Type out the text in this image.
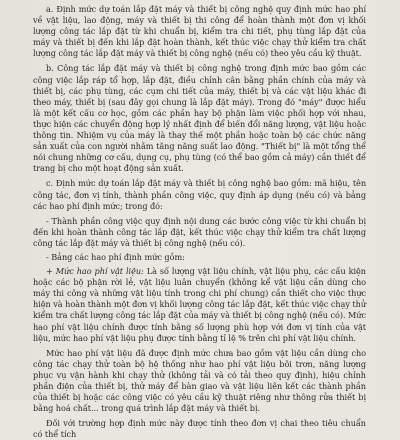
a. Định mức dự toán lắp đặt máy và thiết bị công nghệ quy định mức hao phí về vật liệu, lao động, máy và thiết bị thi công để hoàn thành một đơn vị khối lượng công tác lắp đặt từ khi chuẩn bị, kiểm tra chi tiết, phụ tùng lắp đặt của máy và thiết bị đến khi lắp đặt hoàn thành, kết thúc việc chạy thử kiểm tra chất lượng công tác lắp đặt máy và thiết bị công nghệ (nếu có) theo yêu cầu kỹ thuật.

b. Công tác lắp đặt máy và thiết bị công nghệ trong định mức bao gồm các công việc lắp ráp tổ hợp, lắp đặt, điều chỉnh cân bằng phần chính của máy và thiết bị, các phụ tùng, các cụm chi tiết của máy, thiết bị và các vật liệu khác đi theo máy, thiết bị (sau đây gọi chung là lắp đặt máy). Trong đó "máy" được hiểu là một kết cấu cơ học, gồm các phần hay bộ phận làm việc phối hợp với nhau, thực hiện các chuyển động hợp lý nhất định để biến đổi năng lượng, vật liệu hoặc thông tin. Nhiệm vụ của máy là thay thế một phần hoặc toàn bộ các chức năng sản xuất của con người nhằm tăng năng suất lao động. "Thiết bị" là một tổng thể nói chung những cơ cấu, dụng cụ, phụ tùng (có thể bao gồm cả máy) cần thiết để trang bị cho một hoạt động sản xuất.

c. Định mức dự toán lắp đặt máy và thiết bị công nghệ bao gồm: mã hiệu, tên công tác, đơn vị tính, thành phần công việc, quy định áp dụng (nếu có) và bảng các hao phí định mức; trong đó:

- Thành phần công việc quy định nội dung các bước công việc từ khi chuẩn bị đến khi hoàn thành công tác lắp đặt, kết thúc việc chạy thử kiểm tra chất lượng công tác lắp đặt máy và thiết bị công nghệ (nếu có).

- Bảng các hao phí định mức gồm:

+ Mức hao phí vật liệu: Là số lượng vật liệu chính, vật liệu phụ, các cấu kiện hoặc các bộ phận rời lẻ, vật liệu luân chuyển (không kể vật liệu cần dùng cho máy thi công và những vật liệu tính trong chi phí chung) cần thiết cho việc thực hiện và hoàn thành một đơn vị khối lượng công tác lắp đặt, kết thúc việc chạy thử kiểm tra chất lượng công tác lắp đặt của máy và thiết bị công nghệ (nếu có). Mức hao phí vật liệu chính được tính bằng số lượng phù hợp với đơn vị tính của vật liệu, mức hao phí vật liệu phụ được tính bằng tỉ lệ % trên chi phí vật liệu chính.

Mức hao phí vật liệu đã được định mức chưa bao gồm vật liệu cần dùng cho công tác chạy thử toàn bộ hệ thống như hao phí vật liệu bôi trơn, năng lượng phục vụ vận hành khi chạy thử (không tải và có tải theo quy định), hiệu chỉnh phần điện của thiết bị, thử máy để bàn giao và vật liệu liên kết các thành phần của thiết bị hoặc các công việc có yêu cầu kỹ thuật riêng như thông rửa thiết bị bằng hoá chất... trong quá trình lắp đặt máy và thiết bị.

Đối với trường hợp định mức này được tính theo đơn vị chai theo tiêu chuẩn có thể tích
